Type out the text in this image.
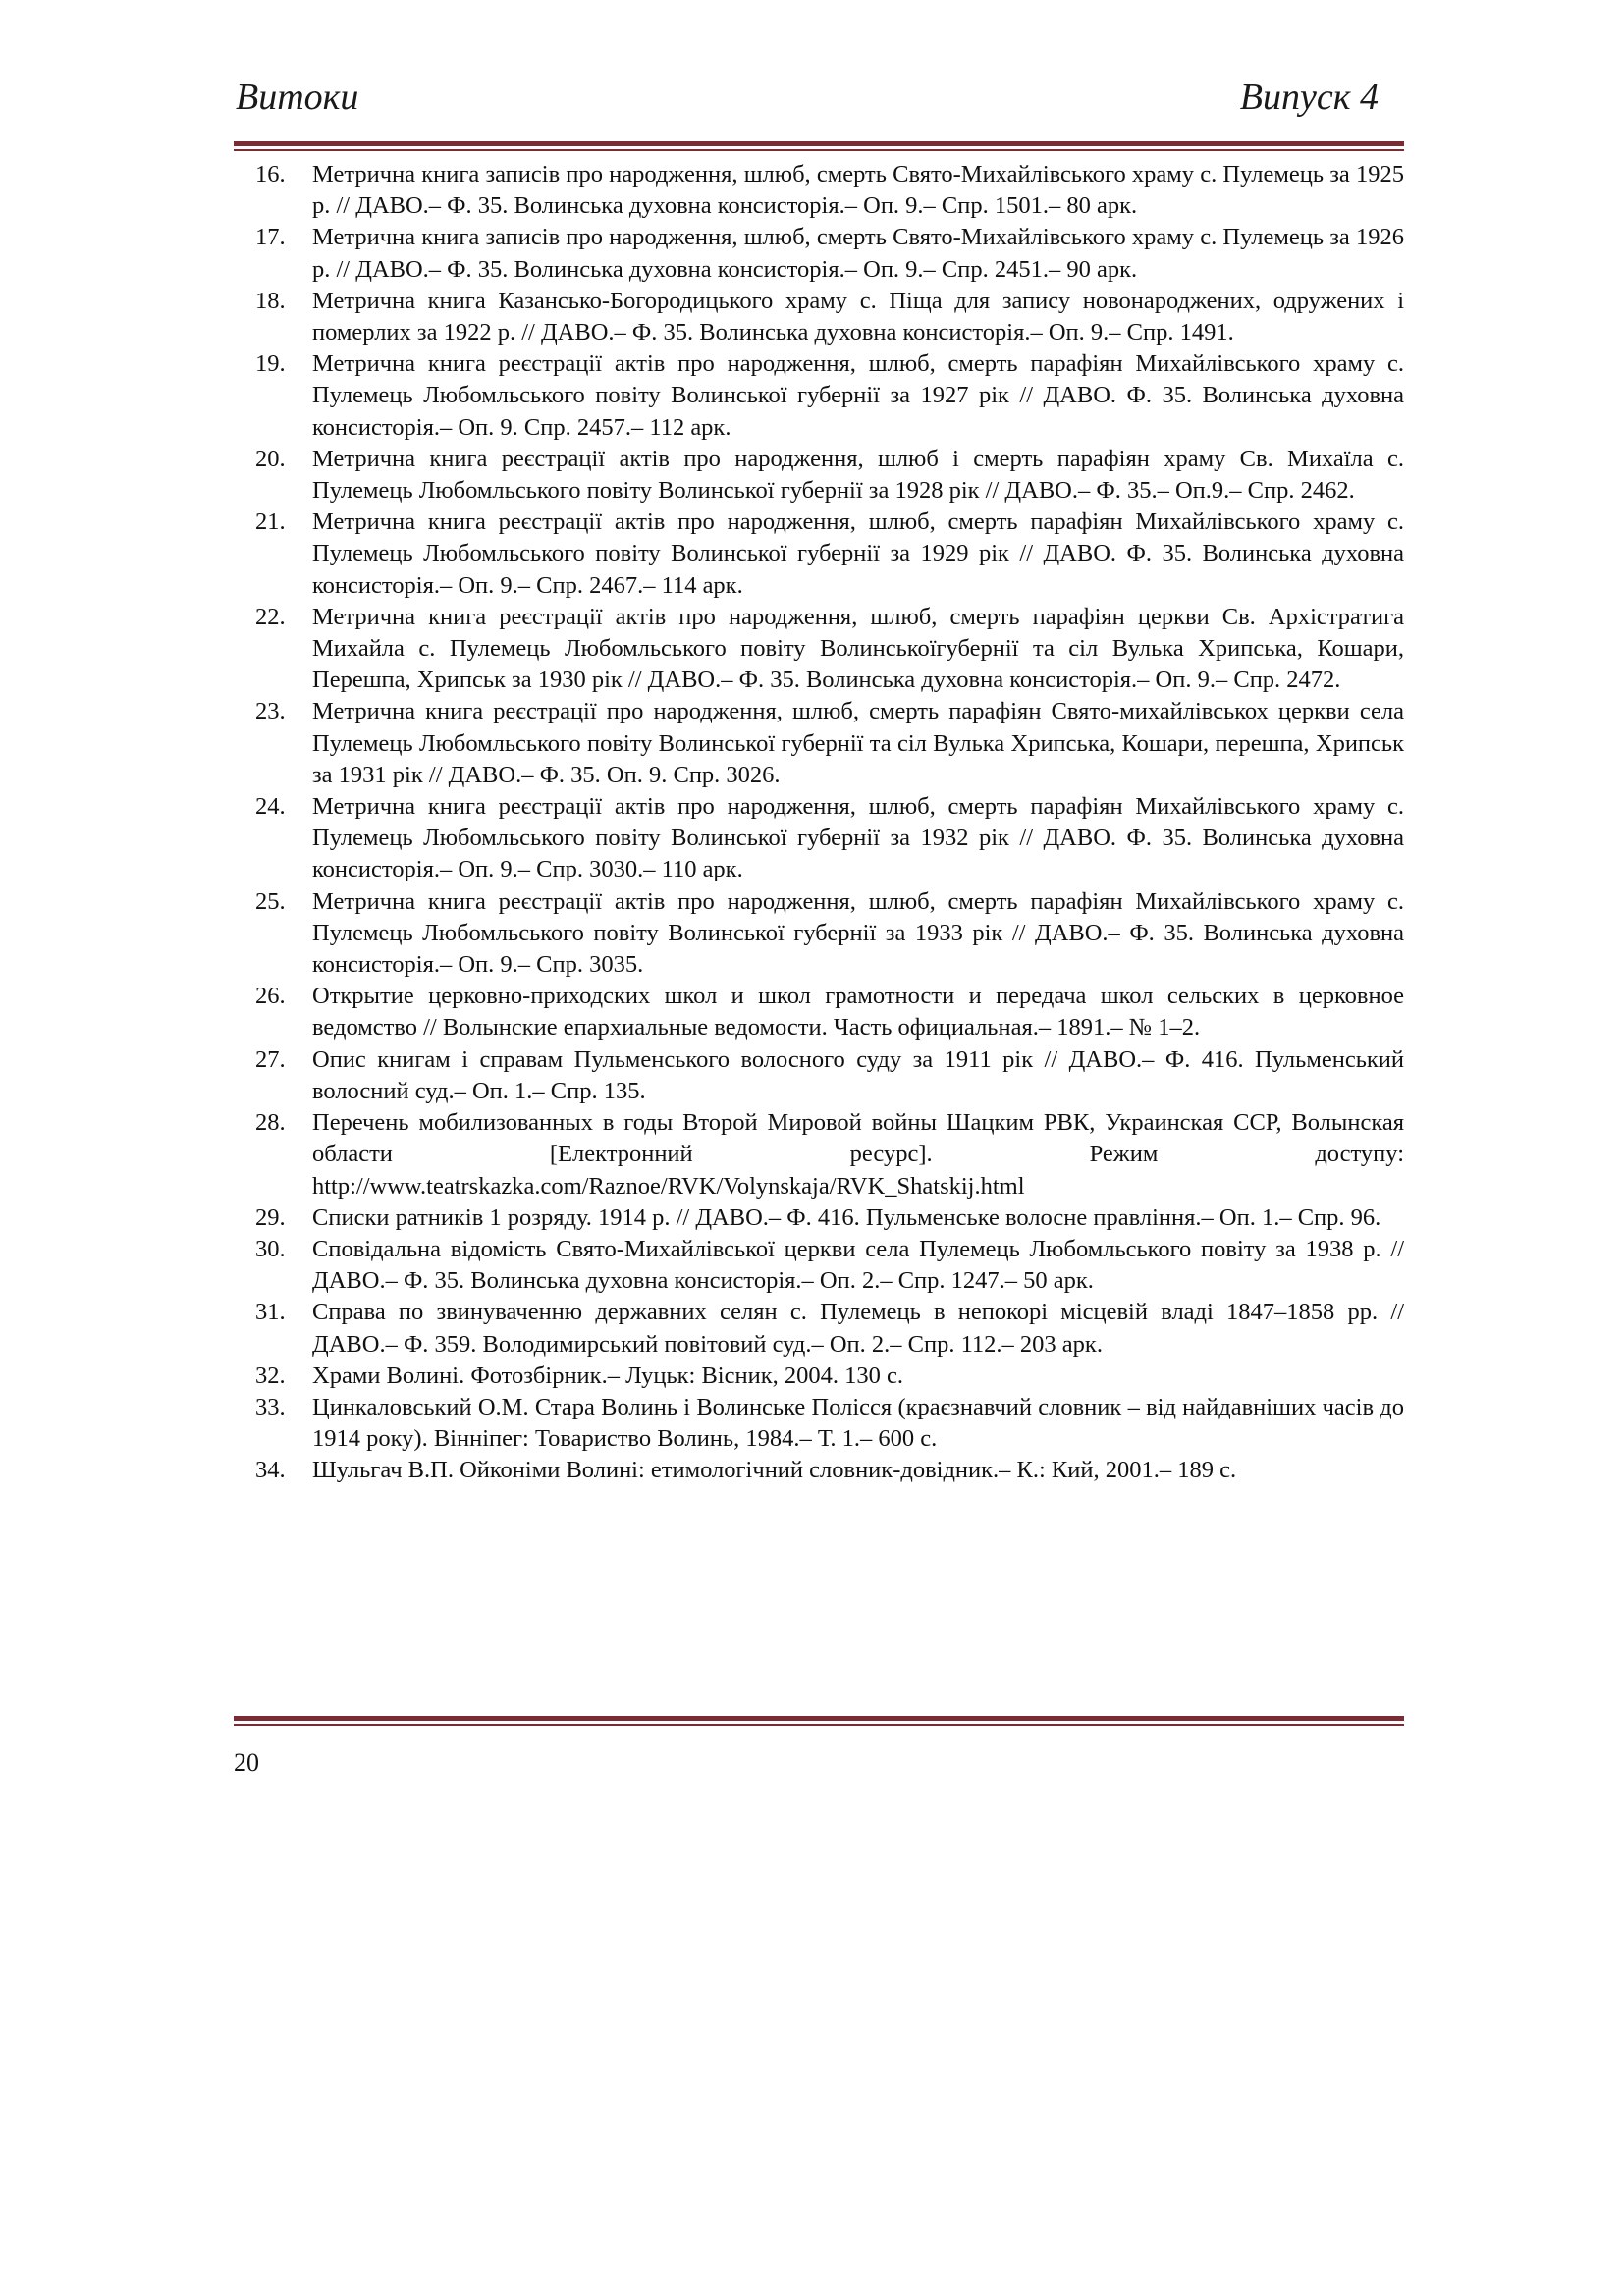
Витоки	Випуск 4
16.	Метрична книга записів про народження, шлюб, смерть Свято-Михайлівського храму с. Пулемець за 1925 р. // ДАВО.– Ф. 35. Волинська духовна консисторія.– Оп. 9.– Спр. 1501.– 80 арк.
17.	Метрична книга записів про народження, шлюб, смерть Свято-Михайлівського храму с. Пулемець за 1926 р. // ДАВО.– Ф. 35. Волинська духовна консисторія.– Оп. 9.– Спр. 2451.– 90 арк.
18.	Метрична книга Казансько-Богородицького храму с. Піща для запису новонароджених, одружених і померлих за 1922 р. // ДАВО.– Ф. 35. Волинська духовна консисторія.– Оп. 9.– Спр. 1491.
19.	Метрична книга реєстрації актів про народження, шлюб, смерть парафіян Михайлівського храму с. Пулемець Любомльського повіту Волинської губернії за 1927 рік // ДАВО. Ф. 35. Волинська духовна консисторія.– Оп. 9. Спр. 2457.– 112 арк.
20.	Метрична книга реєстрації актів про народження, шлюб і смерть парафіян храму Св. Михаїла с. Пулемець Любомльського повіту Волинської губернії за 1928 рік // ДАВО.– Ф. 35.– Оп.9.– Спр. 2462.
21.	Метрична книга реєстрації актів про народження, шлюб, смерть парафіян Михайлівського храму с. Пулемець Любомльського повіту Волинської губернії за 1929 рік // ДАВО. Ф. 35. Волинська духовна консисторія.– Оп. 9.– Спр. 2467.– 114 арк.
22.	Метрична книга реєстрації актів про народження, шлюб, смерть парафіян церкви Св. Архістратига Михайла с. Пулемець Любомльського повіту Волинськоїгубернії та сіл Вулька Хрипська, Кошари, Перешпа, Хрипськ за 1930 рік // ДАВО.– Ф. 35. Волинська духовна консисторія.– Оп. 9.– Спр. 2472.
23.	Метрична книга реєстрації про народження, шлюб, смерть парафіян Свято-михайлівськох церкви села Пулемець Любомльського повіту Волинської губернії та сіл Вулька Хрипська, Кошари, перешпа, Хрипськ за 1931 рік // ДАВО.– Ф. 35. Оп. 9. Спр. 3026.
24.	Метрична книга реєстрації актів про народження, шлюб, смерть парафіян Михайлівського храму с. Пулемець Любомльського повіту Волинської губернії за 1932 рік // ДАВО. Ф. 35. Волинська духовна консисторія.– Оп. 9.– Спр. 3030.– 110 арк.
25.	Метрична книга реєстрації актів про народження, шлюб, смерть парафіян Михайлівського храму с. Пулемець Любомльського повіту Волинської губернії за 1933 рік // ДАВО.– Ф. 35. Волинська духовна консисторія.– Оп. 9.– Спр. 3035.
26.	Открытие церковно-приходских школ и школ грамотности и передача школ сельских в церковное ведомство // Волынские епархиальные ведомости. Часть официальная.– 1891.– № 1–2.
27.	Опис книгам і справам Пульменського волосного суду за 1911 рік // ДАВО.– Ф. 416. Пульменський волосний суд.– Оп. 1.– Спр. 135.
28.	Перечень мобилизованных в годы Второй Мировой войны Шацким РВК, Украинская ССР, Волынская области [Електронний ресурс]. Режим доступу: http://www.teatrskazka.com/Raznoe/RVK/Volynskaja/RVK_Shatskij.html
29.	Списки ратників 1 розряду. 1914 р. // ДАВО.– Ф. 416. Пульменське волосне правління.– Оп. 1.– Спр. 96.
30.	Сповідальна відомість Свято-Михайлівської церкви села Пулемець Любомльського повіту за 1938 р. // ДАВО.– Ф. 35. Волинська духовна консисторія.– Оп. 2.– Спр. 1247.– 50 арк.
31.	Справа по звинуваченню державних селян с. Пулемець в непокорі місцевій владі 1847–1858 рр. // ДАВО.– Ф. 359. Володимирський повітовий суд.– Оп. 2.– Спр. 112.– 203 арк.
32.	Храми Волині. Фотозбірник.– Луцьк: Вісник, 2004. 130 с.
33.	Цинкаловський О.М. Стара Волинь і Волинське Полісся (краєзнавчий словник – від найдавніших часів до 1914 року). Вінніпег: Товариство Волинь, 1984.– Т. 1.– 600 с.
34.	Шульгач В.П. Ойконіми Волині: етимологічний словник-довідник.– К.: Кий, 2001.– 189 с.
20
